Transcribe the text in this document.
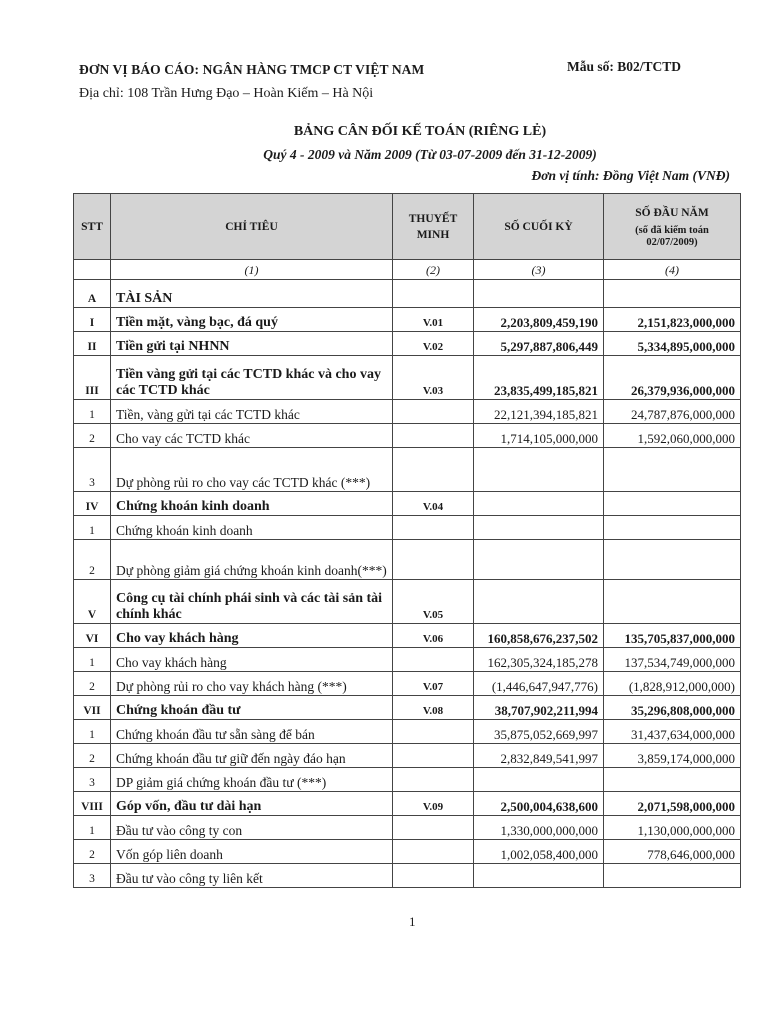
ĐƠN VỊ BÁO CÁO: NGÂN HÀNG TMCP CT VIỆT NAM	Mẫu số: B02/TCTD
Địa chỉ: 108 Trần Hưng Đạo – Hoàn Kiếm – Hà Nội
BẢNG CÂN ĐỐI KẾ TOÁN (RIÊNG LẺ)
Quý 4 - 2009 và Năm 2009 (Từ 03-07-2009 đến 31-12-2009)
Đơn vị tính: Đồng Việt Nam (VNĐ)
STT	CHỈ TIÊU	THUYẾT MINH	SỐ CUỐI KỲ	SỐ ĐẦU NĂM
(số đã kiểm toán 02/07/2009)

	(1)	(2)	(3)	(4)
A	TÀI SẢN			
I	Tiền mặt, vàng bạc, đá quý	V.01	2,203,809,459,190	2,151,823,000,000
II	Tiền gửi tại NHNN	V.02	5,297,887,806,449	5,334,895,000,000
III	Tiền vàng gửi tại các TCTD khác và cho vay các TCTD khác	V.03	23,835,499,185,821	26,379,936,000,000
1	Tiền, vàng gửi tại các TCTD khác		22,121,394,185,821	24,787,876,000,000
2	Cho vay các TCTD khác		1,714,105,000,000	1,592,060,000,000
3	Dự phòng rủi ro cho vay các TCTD khác (***)			
IV	Chứng khoán kinh doanh	V.04		
1	Chứng khoán kinh doanh			
2	Dự phòng giảm giá chứng khoán kinh doanh(***)			
V	Công cụ tài chính phái sinh và các tài sản tài chính khác	V.05		
VI	Cho vay khách hàng	V.06	160,858,676,237,502	135,705,837,000,000
1	Cho vay khách hàng		162,305,324,185,278	137,534,749,000,000
2	Dự phòng rủi ro cho vay khách hàng (***)	V.07	(1,446,647,947,776)	(1,828,912,000,000)
VII	Chứng khoán đầu tư	V.08	38,707,902,211,994	35,296,808,000,000
1	Chứng khoán đầu tư sẵn sàng để bán		35,875,052,669,997	31,437,634,000,000
2	Chứng khoán đầu tư giữ đến ngày đáo hạn		2,832,849,541,997	3,859,174,000,000
3	DP giảm giá chứng khoán đầu tư (***)			
VIII	Góp vốn, đầu tư dài hạn	V.09	2,500,004,638,600	2,071,598,000,000
1	Đầu tư vào công ty con		1,330,000,000,000	1,130,000,000,000
2	Vốn góp liên doanh		1,002,058,400,000	778,646,000,000
3	Đầu tư vào công ty liên kết			
1
